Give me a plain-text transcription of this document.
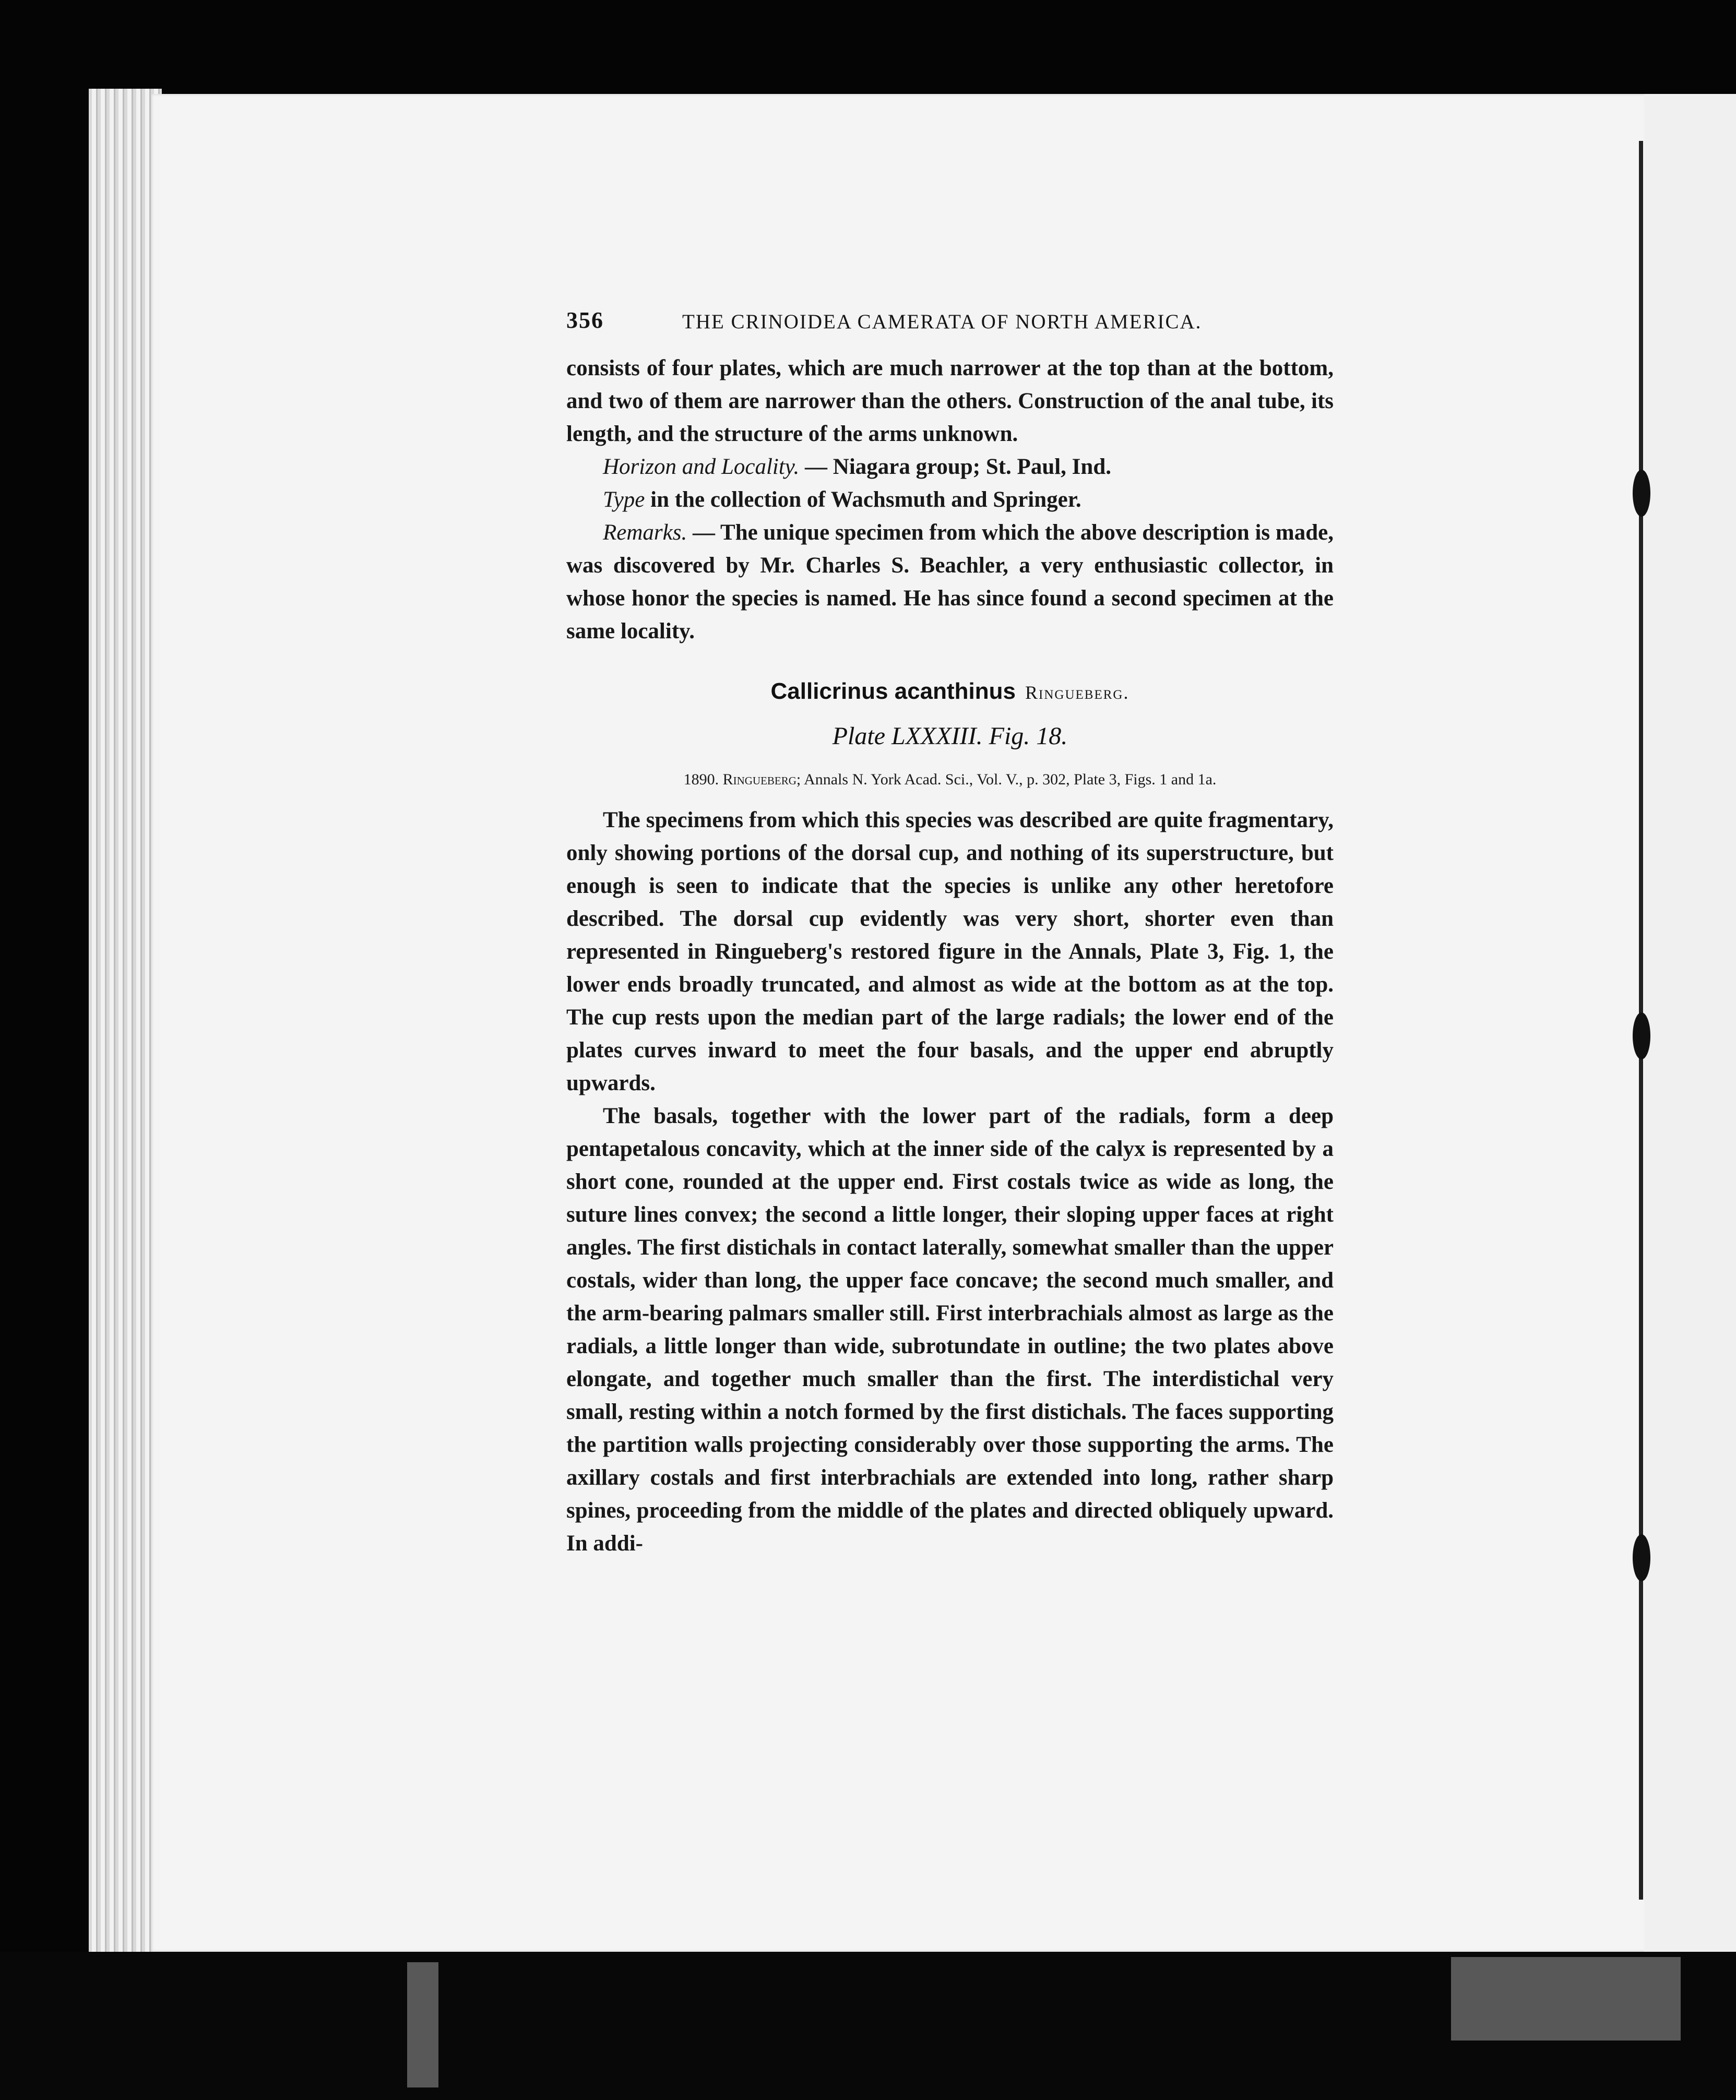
356	THE CRINOIDEA CAMERATA OF NORTH AMERICA.

consists of four plates, which are much narrower at the top than at the bottom, and two of them are narrower than the others. Construction of the anal tube, its length, and the structure of the arms unknown.

Horizon and Locality. — Niagara group; St. Paul, Ind.

Type in the collection of Wachsmuth and Springer.

Remarks. — The unique specimen from which the above description is made, was discovered by Mr. Charles S. Beachler, a very enthusiastic collector, in whose honor the species is named. He has since found a second specimen at the same locality.

Callicrinus acanthinus Ringueberg.
Plate LXXXIII. Fig. 18.
1890. Ringueberg; Annals N. York Acad. Sci., Vol. V., p. 302, Plate 3, Figs. 1 and 1a.

The specimens from which this species was described are quite fragmentary, only showing portions of the dorsal cup, and nothing of its superstructure, but enough is seen to indicate that the species is unlike any other heretofore described. The dorsal cup evidently was very short, shorter even than represented in Ringueberg's restored figure in the Annals, Plate 3, Fig. 1, the lower ends broadly truncated, and almost as wide at the bottom as at the top. The cup rests upon the median part of the large radials; the lower end of the plates curves inward to meet the four basals, and the upper end abruptly upwards.

The basals, together with the lower part of the radials, form a deep pentapetalous concavity, which at the inner side of the calyx is represented by a short cone, rounded at the upper end. First costals twice as wide as long, the suture lines convex; the second a little longer, their sloping upper faces at right angles. The first distichals in contact laterally, somewhat smaller than the upper costals, wider than long, the upper face concave; the second much smaller, and the arm-bearing palmars smaller still. First interbrachials almost as large as the radials, a little longer than wide, subrotundate in outline; the two plates above elongate, and together much smaller than the first. The interdistichal very small, resting within a notch formed by the first distichals. The faces supporting the partition walls projecting considerably over those supporting the arms. The axillary costals and first interbrachials are extended into long, rather sharp spines, proceeding from the middle of the plates and directed obliquely upward. In addi-
